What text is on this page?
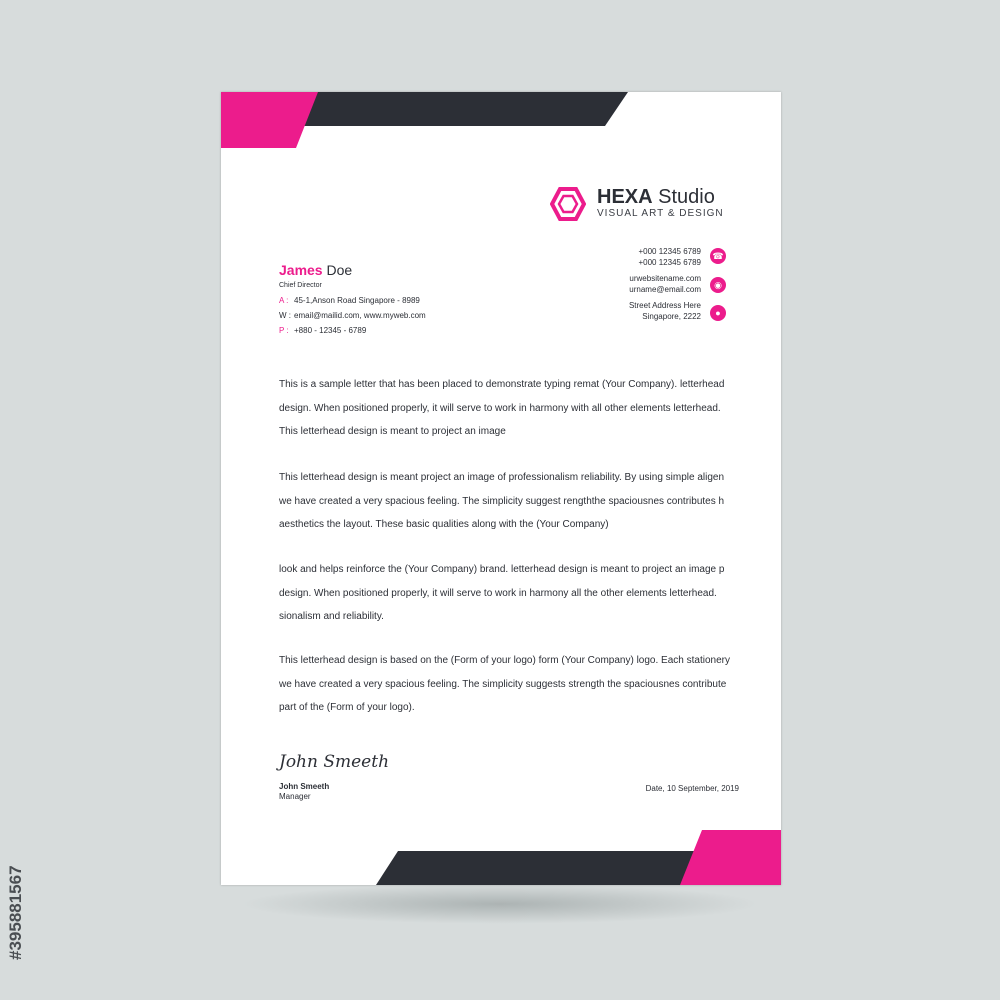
HEXA Studio
VISUAL ART & DESIGN
+000 12345 6789
+000 12345 6789
☎
urwebsitename.com
urname@email.com	◉
Street Address Here
Singapore, 2222	●
James Doe
Chief Director
A : 45-1,Anson Road Singapore - 8989
W : email@mailid.com, www.myweb.com
P : +880 - 12345 - 6789

This is a sample letter that has been placed to demonstrate typing remat (Your Company). letterhead

design. When positioned properly, it will serve to work in harmony with all other elements letterhead.

This letterhead design is meant to project an image

This letterhead design is meant project an image of professionalism reliability. By using simple aligen

we have created a very spacious feeling. The simplicity suggest rengththe spaciousnes contributes h

aesthetics the layout. These basic qualities along with the (Your Company)

look and helps reinforce the (Your Company) brand. letterhead design is meant to project an image p

design. When positioned properly, it will serve to work in harmony all the other elements letterhead.

sionalism and reliability.

This letterhead design is based on the (Form of your logo) form (Your Company) logo. Each stationery

we have created a very spacious feeling. The simplicity suggests strength the spaciousnes contribute

part of the (Form of your logo).

John Smeeth
John Smeeth
Manager
Date, 10 September, 2019
#395881567
